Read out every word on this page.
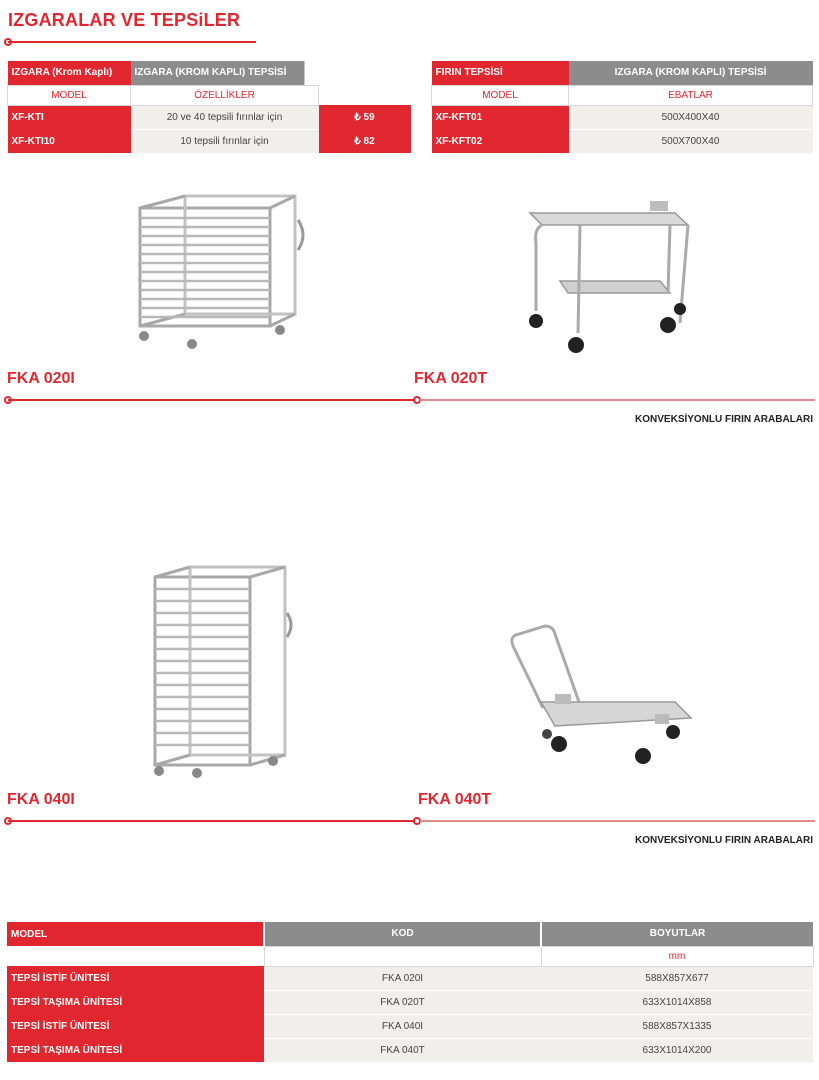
IZGARALAR VE TEPSiLER
IZGARA (Krom Kaplı)	IZGARA (KROM KAPLI) TEPSİSİ	
MODEL	ÖZELLİKLER	
XF-KTI	20 ve 40 tepsili fırınlar için	₺ 59
XF-KTI10	10 tepsili fırınlar için	₺ 82
FIRIN TEPSİSİ	IZGARA (KROM KAPLI) TEPSİSİ
MODEL	EBATLAR
XF-KFT01	500X400X40
XF-KFT02	500X700X40
FKA 020I	FKA 020T
KONVEKSİYONLU FIRIN ARABALARI
FKA 040I	FKA 040T
KONVEKSİYONLU FIRIN ARABALARI
MODEL	KOD	BOYUTLAR
		mm
TEPSİ İSTİF ÜNİTESİ	FKA 020I	588X857X677
TEPSİ TAŞIMA ÜNİTESİ	FKA 020T	633X1014X858
TEPSİ İSTİF ÜNİTESİ	FKA 040I	588X857X1335
TEPSİ TAŞIMA ÜNİTESİ	FKA 040T	633X1014X200
